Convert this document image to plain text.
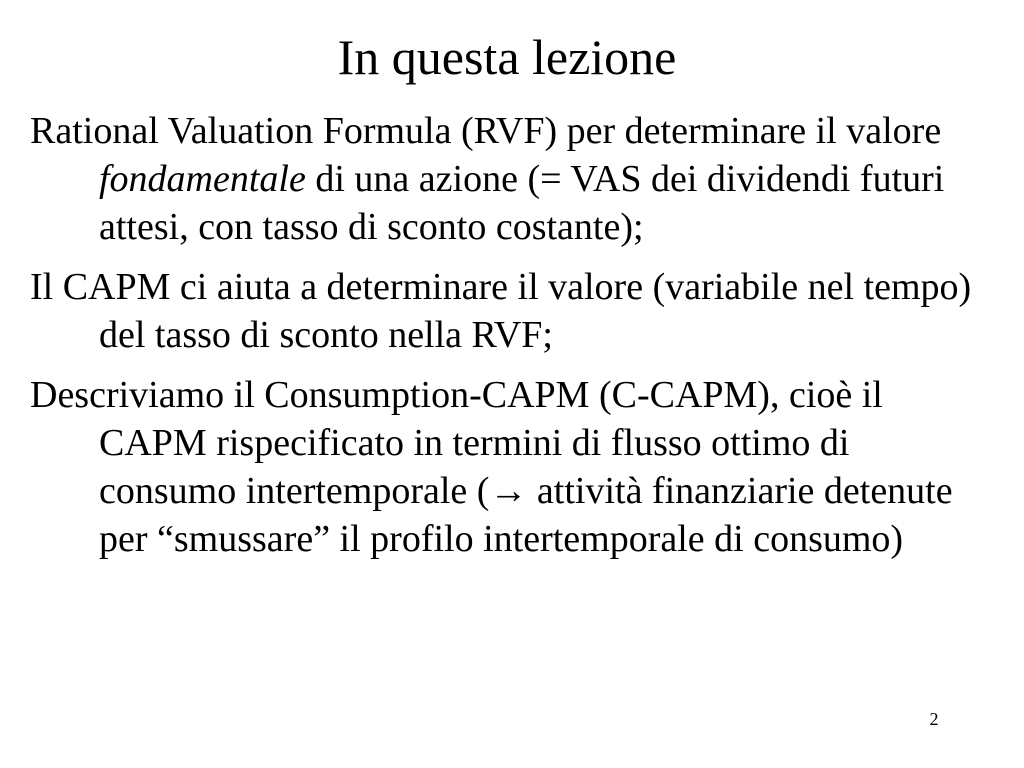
In questa lezione
Rational Valuation Formula (RVF) per determinare il valore fondamentale di una azione (= VAS dei dividendi futuri attesi, con tasso di sconto costante);
Il CAPM ci aiuta a determinare il valore (variabile nel tempo) del tasso di sconto nella RVF;
Descriviamo il Consumption-CAPM (C-CAPM), cioè il CAPM rispecificato in termini di flusso ottimo di consumo intertemporale (→ attività finanziarie detenute per “smussare” il profilo intertemporale di consumo)
2
